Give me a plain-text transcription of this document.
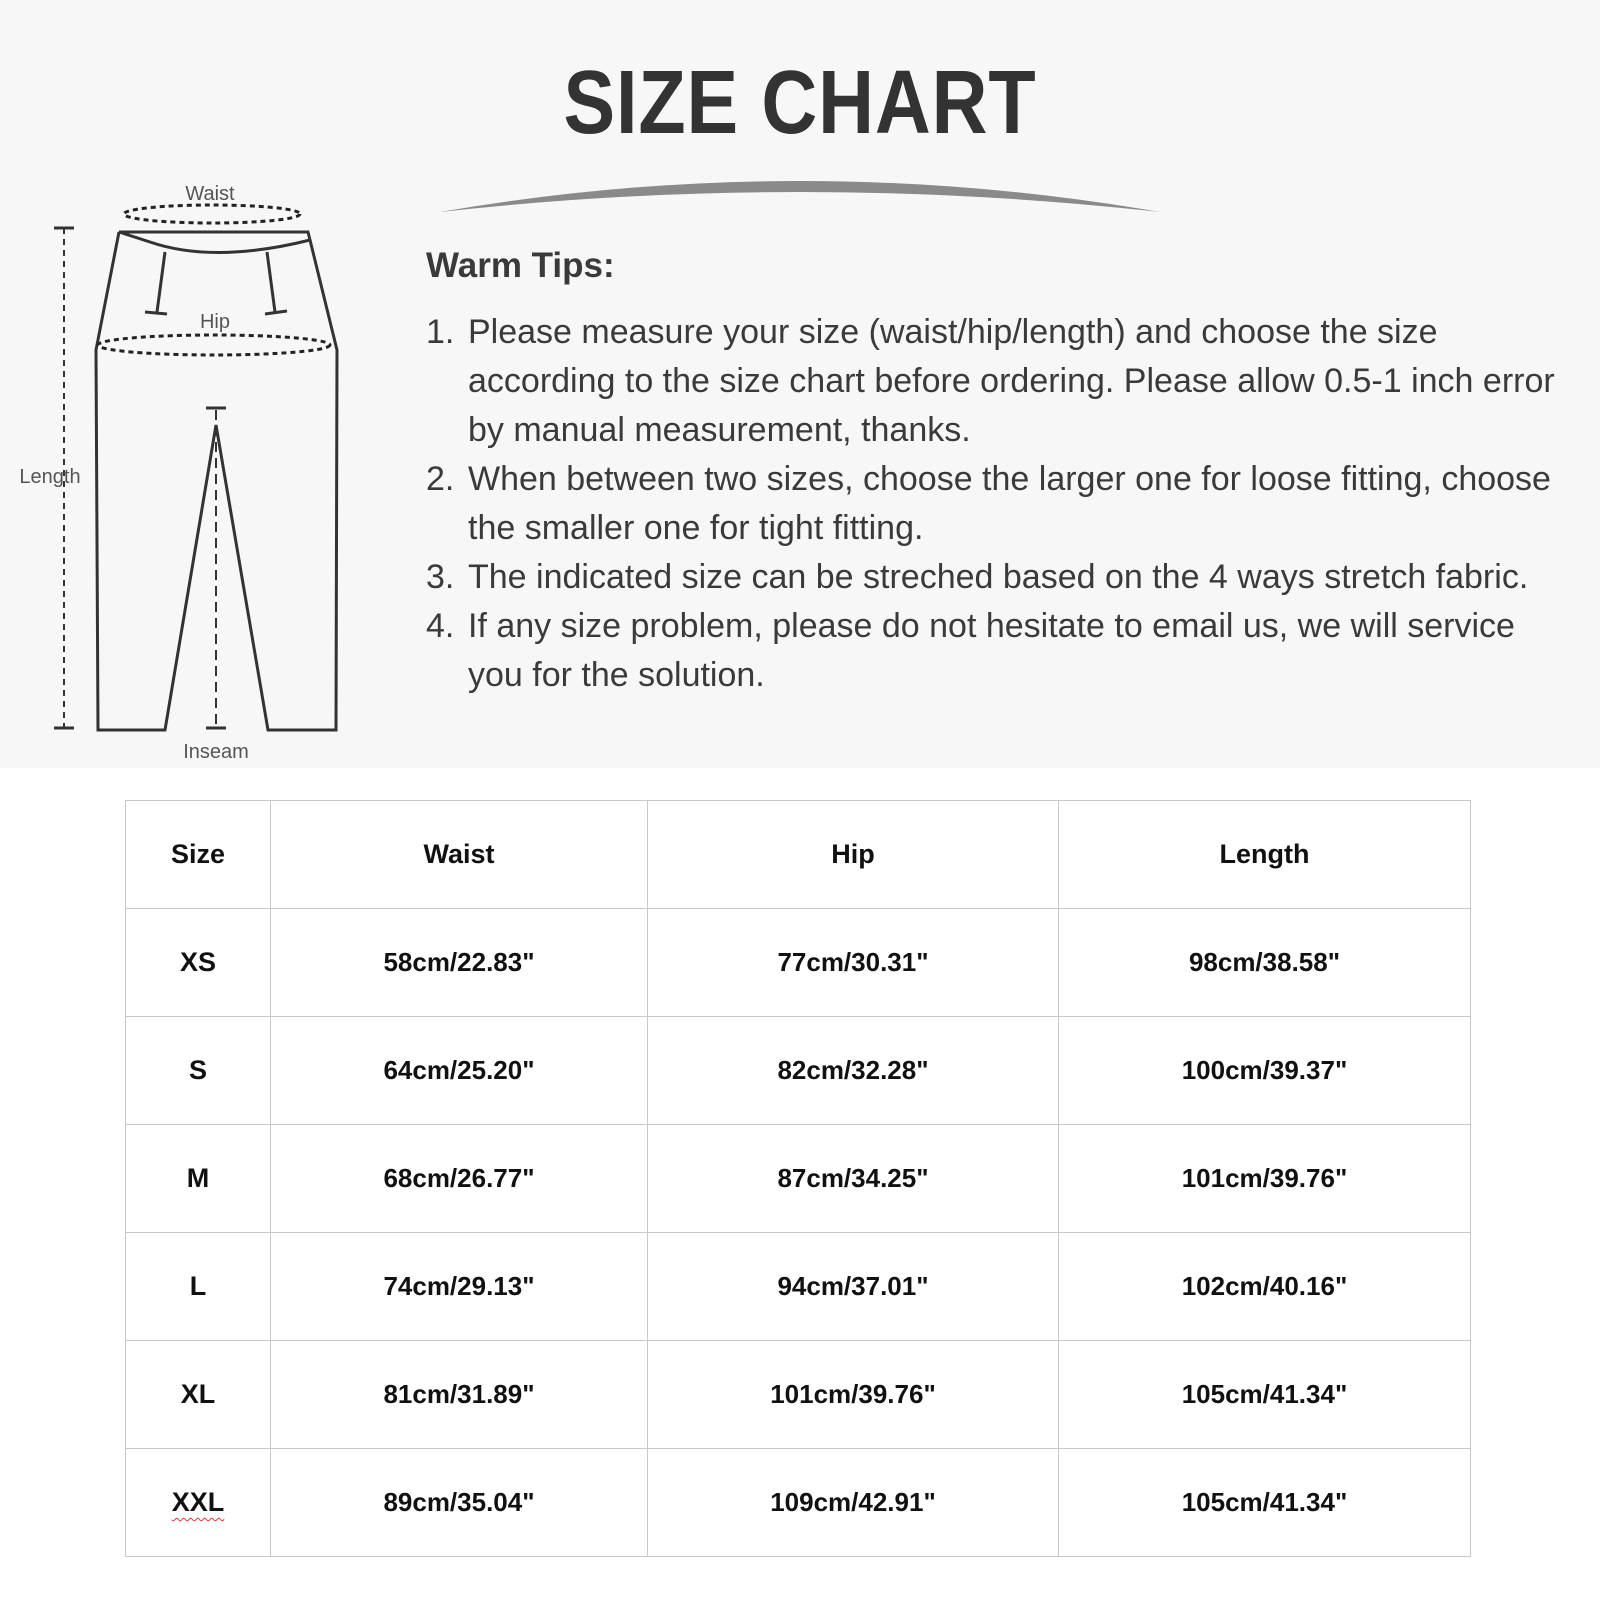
SIZE CHART
Waist
Hip
Length
Inseam
Warm Tips:
1. Please measure your size (waist/hip/length) and choose the size according to the size chart before ordering. Please allow 0.5-1 inch error by manual measurement, thanks.
2. When between two sizes, choose the larger one for loose fitting, choose the smaller one for tight fitting.
3. The indicated size can be streched based on the 4 ways stretch fabric.
4. If any size problem, please do not hesitate to email us, we will service you for the solution.
Size	Waist	Hip	Length
XS	58cm/22.83"	77cm/30.31"	98cm/38.58"
S	64cm/25.20"	82cm/32.28"	100cm/39.37"
M	68cm/26.77"	87cm/34.25"	101cm/39.76"
L	74cm/29.13"	94cm/37.01"	102cm/40.16"
XL	81cm/31.89"	101cm/39.76"	105cm/41.34"
XXL	89cm/35.04"	109cm/42.91"	105cm/41.34"
